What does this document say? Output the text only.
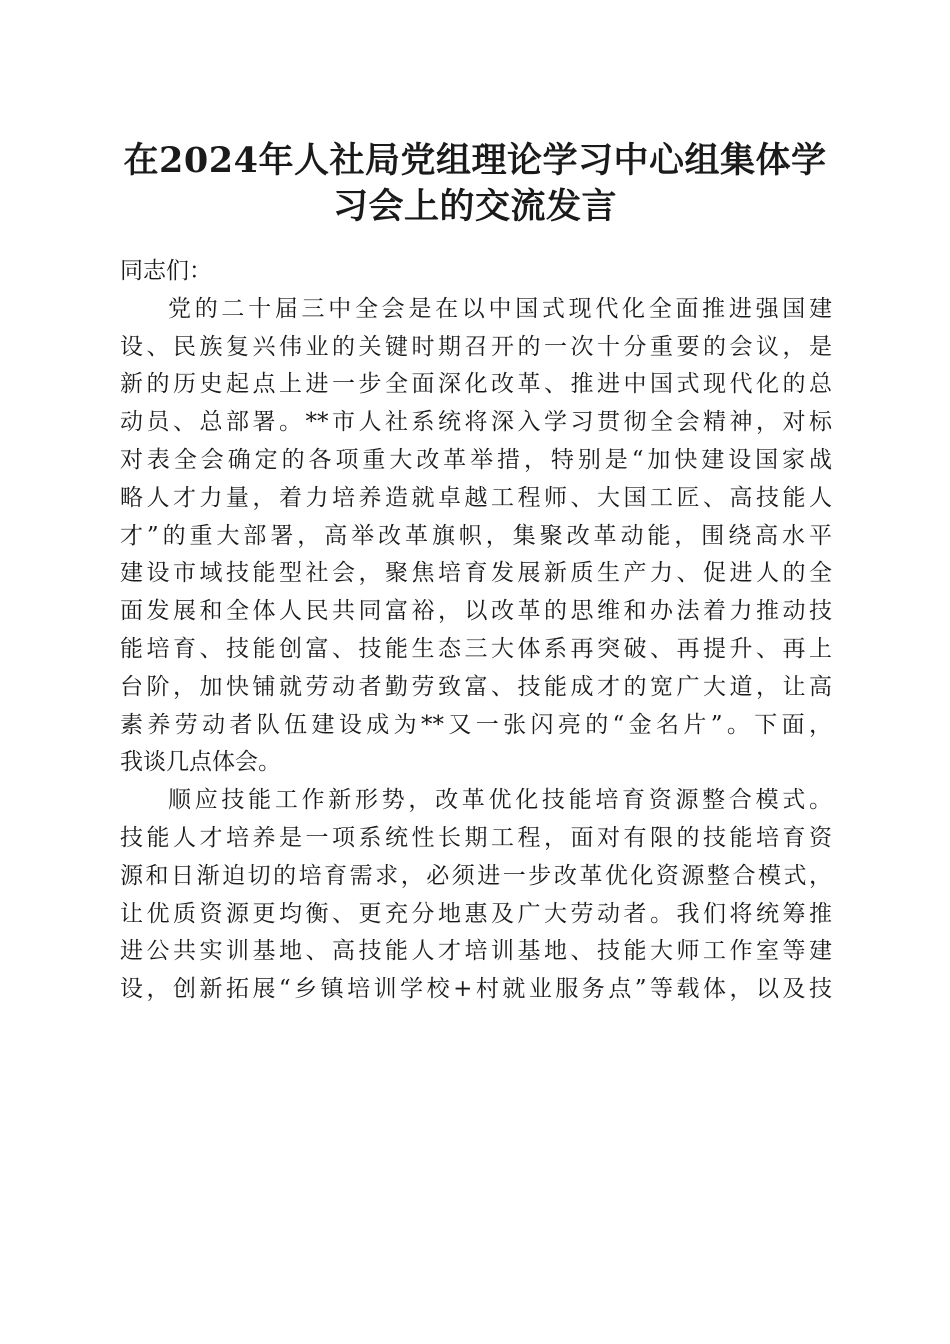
在2024年人社局党组理论学习中心组集体学
习会上的交流发言
同志们：
党的二十届三中全会是在以中国式现代化全面推进强国建
设、民族复兴伟业的关键时期召开的一次十分重要的会议，是
新的历史起点上进一步全面深化改革、推进中国式现代化的总
动员、总部署。**市人社系统将深入学习贯彻全会精神，对标
对表全会确定的各项重大改革举措，特别是“加快建设国家战
略人才力量，着力培养造就卓越工程师、大国工匠、高技能人
才”的重大部署，高举改革旗帜，集聚改革动能，围绕高水平
建设市域技能型社会，聚焦培育发展新质生产力、促进人的全
面发展和全体人民共同富裕，以改革的思维和办法着力推动技
能培育、技能创富、技能生态三大体系再突破、再提升、再上
台阶，加快铺就劳动者勤劳致富、技能成才的宽广大道，让高
素养劳动者队伍建设成为**又一张闪亮的“金名片”。下面，
我谈几点体会。
顺应技能工作新形势，改革优化技能培育资源整合模式。
技能人才培养是一项系统性长期工程，面对有限的技能培育资
源和日渐迫切的培育需求，必须进一步改革优化资源整合模式，
让优质资源更均衡、更充分地惠及广大劳动者。我们将统筹推
进公共实训基地、高技能人才培训基地、技能大师工作室等建
设，创新拓展“乡镇培训学校+村就业服务点”等载体，以及技
